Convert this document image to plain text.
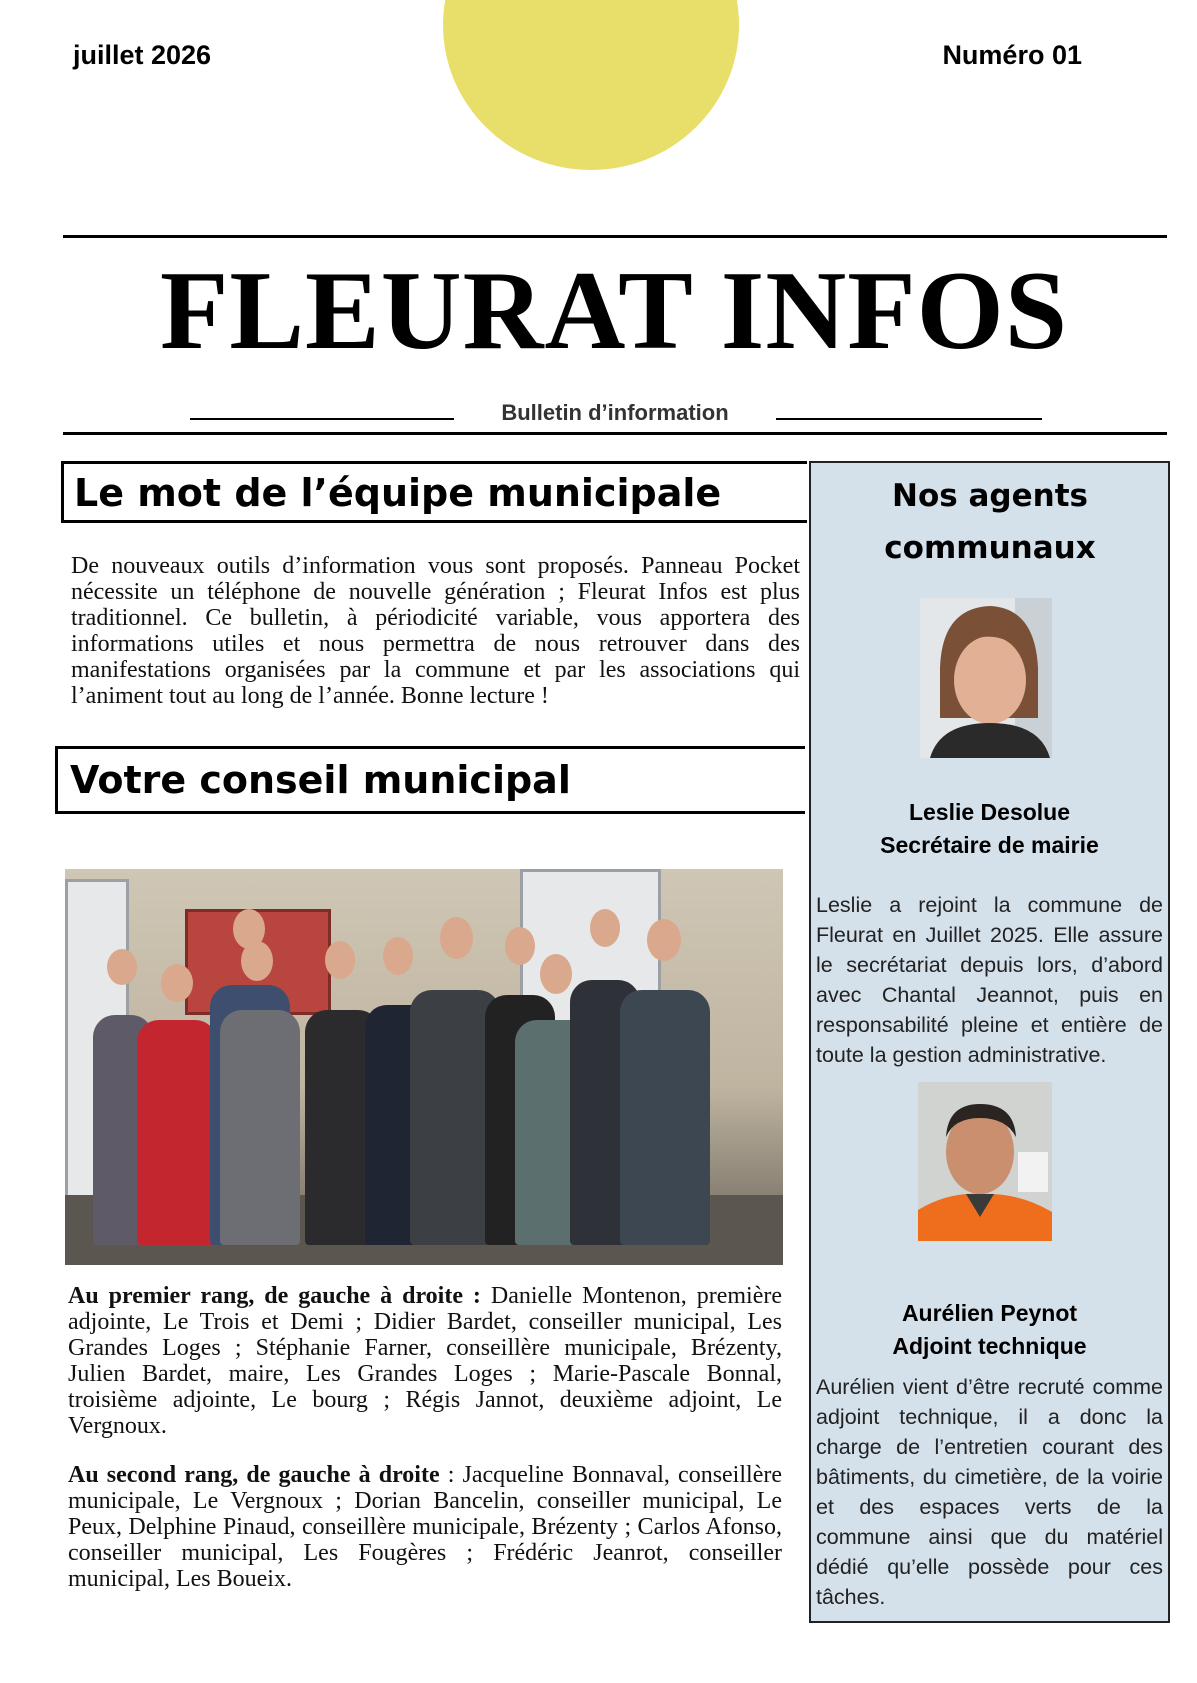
juillet 2026	Numéro 01
FLEURAT INFOS
Bulletin d’information
Le mot de l’équipe municipale
De nouveaux outils d’information vous sont proposés. Panneau Pocket nécessite un téléphone de nouvelle génération ; Fleurat Infos est plus traditionnel. Ce bulletin, à périodicité variable, vous apportera des informations utiles et nous permettra de nous retrouver dans des manifestations organisées par la commune et par les associations qui l’animent tout au long de l’année. Bonne lecture !
Votre conseil municipal
Au premier rang, de gauche à droite : Danielle Montenon, première adjointe, Le Trois et Demi ; Didier Bardet, conseiller municipal, Les Grandes Loges ; Stéphanie Farner, conseillère municipale, Brézenty, Julien Bardet, maire, Les Grandes Loges ; Marie-Pascale Bonnal, troisième adjointe, Le bourg ; Régis Jannot, deuxième adjoint, Le Vergnoux.
Au second rang, de gauche à droite : Jacqueline Bonnaval, conseillère municipale, Le Vergnoux ; Dorian Bancelin, conseiller municipal, Le Peux, Delphine Pinaud, conseillère municipale, Brézenty ; Carlos Afonso, conseiller municipal, Les Fougères ; Frédéric Jeanrot, conseiller municipal, Les Boueix.
Nos agents communaux
Leslie Desolue
Secrétaire de mairie
Leslie a rejoint la commune de Fleurat en Juillet 2025. Elle assure le secrétariat depuis lors, d’abord avec Chantal Jeannot, puis en responsabilité pleine et entière de toute la gestion administrative.
Aurélien Peynot
Adjoint technique
Aurélien vient d’être recruté comme adjoint technique, il a donc la charge de l’entretien courant des bâtiments, du cimetière, de la voirie et des espaces verts de la commune ainsi que du matériel dédié qu’elle possède pour ces tâches.
